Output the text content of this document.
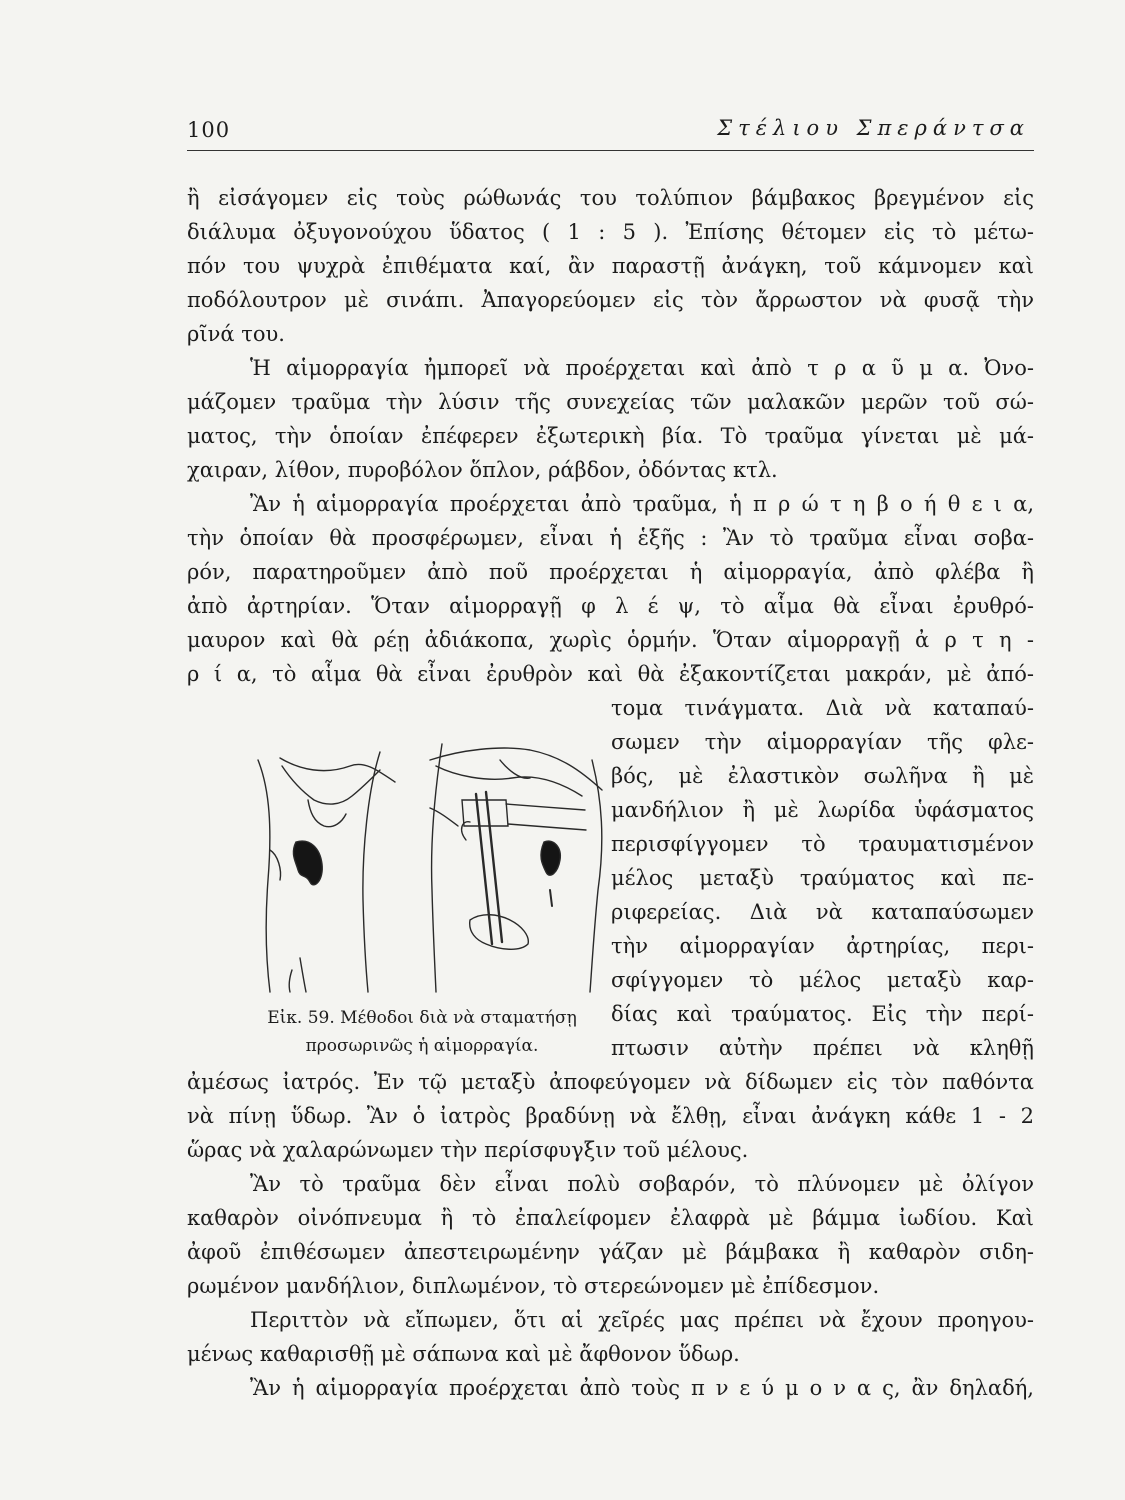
100	Στέλιου Σπεράντσα
ἢ εἰσάγομεν εἰς τοὺς ρώθωνάς του τολύπιον βάμβακος βρεγμένον εἰς
διάλυμα ὀξυγονούχου ὕδατος ( 1 : 5 ). Ἐπίσης θέτομεν εἰς τὸ μέτω-
πόν του ψυχρὰ ἐπιθέματα καί, ἂν παραστῇ ἀνάγκη, τοῦ κάμνομεν καὶ
ποδόλουτρον μὲ σινάπι. Ἀπαγορεύομεν εἰς τὸν ἄρρωστον νὰ φυσᾷ τὴν
ρῖνά του.
Ἡ αἱμορραγία ἠμπορεῖ νὰ προέρχεται καὶ ἀπὸ τ ρ α ῦ μ α. Ὀνο-
μάζομεν τραῦμα τὴν λύσιν τῆς συνεχείας τῶν μαλακῶν μερῶν τοῦ σώ-
ματος, τὴν ὁποίαν ἐπέφερεν ἐξωτερικὴ βία. Τὸ τραῦμα γίνεται μὲ μά-
χαιραν, λίθον, πυροβόλον ὅπλον, ράβδον, ὀδόντας κτλ.
Ἂν ἡ αἱμορραγία προέρχεται ἀπὸ τραῦμα, ἡ π ρ ώ τ η β ο ή θ ε ι α,
τὴν ὁποίαν θὰ προσφέρωμεν, εἶναι ἡ ἑξῆς : Ἂν τὸ τραῦμα εἶναι σοβα-
ρόν, παρατηροῦμεν ἀπὸ ποῦ προέρχεται ἡ αἱμορραγία, ἀπὸ φλέβα ἢ
ἀπὸ ἀρτηρίαν. Ὅταν αἱμορραγῇ φ λ έ ψ, τὸ αἷμα θὰ εἶναι ἐρυθρό-
μαυρον καὶ θὰ ρέῃ ἀδιάκοπα, χωρὶς ὁρμήν. Ὅταν αἱμορραγῇ ἀ ρ τ η -
ρ ί α, τὸ αἷμα θὰ εἶναι ἐρυθρὸν καὶ θὰ ἐξακοντίζεται μακράν, μὲ ἀπό-
τομα τινάγματα. Διὰ νὰ καταπαύ-
σωμεν τὴν αἱμορραγίαν τῆς φλε-
βός, μὲ ἐλαστικὸν σωλῆνα ἢ μὲ
μανδήλιον ἢ μὲ λωρίδα ὑφάσματος
περισφίγγομεν τὸ τραυματισμένον
μέλος μεταξὺ τραύματος καὶ πε-
ριφερείας. Διὰ νὰ καταπαύσωμεν
τὴν αἱμορραγίαν ἀρτηρίας, περι-
σφίγγομεν τὸ μέλος μεταξὺ καρ-
δίας καὶ τραύματος. Εἰς τὴν περί-
πτωσιν αὐτὴν πρέπει νὰ κληθῇ
Εἰκ. 59. Μέθοδοι διὰ νὰ σταματήσῃ
προσωρινῶς ἡ αἱμορραγία.
ἀμέσως ἰατρός. Ἐν τῷ μεταξὺ ἀποφεύγομεν νὰ δίδωμεν εἰς τὸν παθόντα
νὰ πίνῃ ὕδωρ. Ἂν ὁ ἰατρὸς βραδύνῃ νὰ ἔλθῃ, εἶναι ἀνάγκη κάθε 1 - 2
ὥρας νὰ χαλαρώνωμεν τὴν περίσφυγξιν τοῦ μέλους.
Ἂν τὸ τραῦμα δὲν εἶναι πολὺ σοβαρόν, τὸ πλύνομεν μὲ ὀλίγον
καθαρὸν οἰνόπνευμα ἢ τὸ ἐπαλείφομεν ἐλαφρὰ μὲ βάμμα ἰωδίου. Καὶ
ἀφοῦ ἐπιθέσωμεν ἀπεστειρωμένην γάζαν μὲ βάμβακα ἢ καθαρὸν σιδη-
ρωμένον μανδήλιον, διπλωμένον, τὸ στερεώνομεν μὲ ἐπίδεσμον.
Περιττὸν νὰ εἴπωμεν, ὅτι αἱ χεῖρές μας πρέπει νὰ ἔχουν προηγου-
μένως καθαρισθῇ μὲ σάπωνα καὶ μὲ ἄφθονον ὕδωρ.
Ἂν ἡ αἱμορραγία προέρχεται ἀπὸ τοὺς π ν ε ύ μ ο ν α ς, ἂν δηλαδή,
